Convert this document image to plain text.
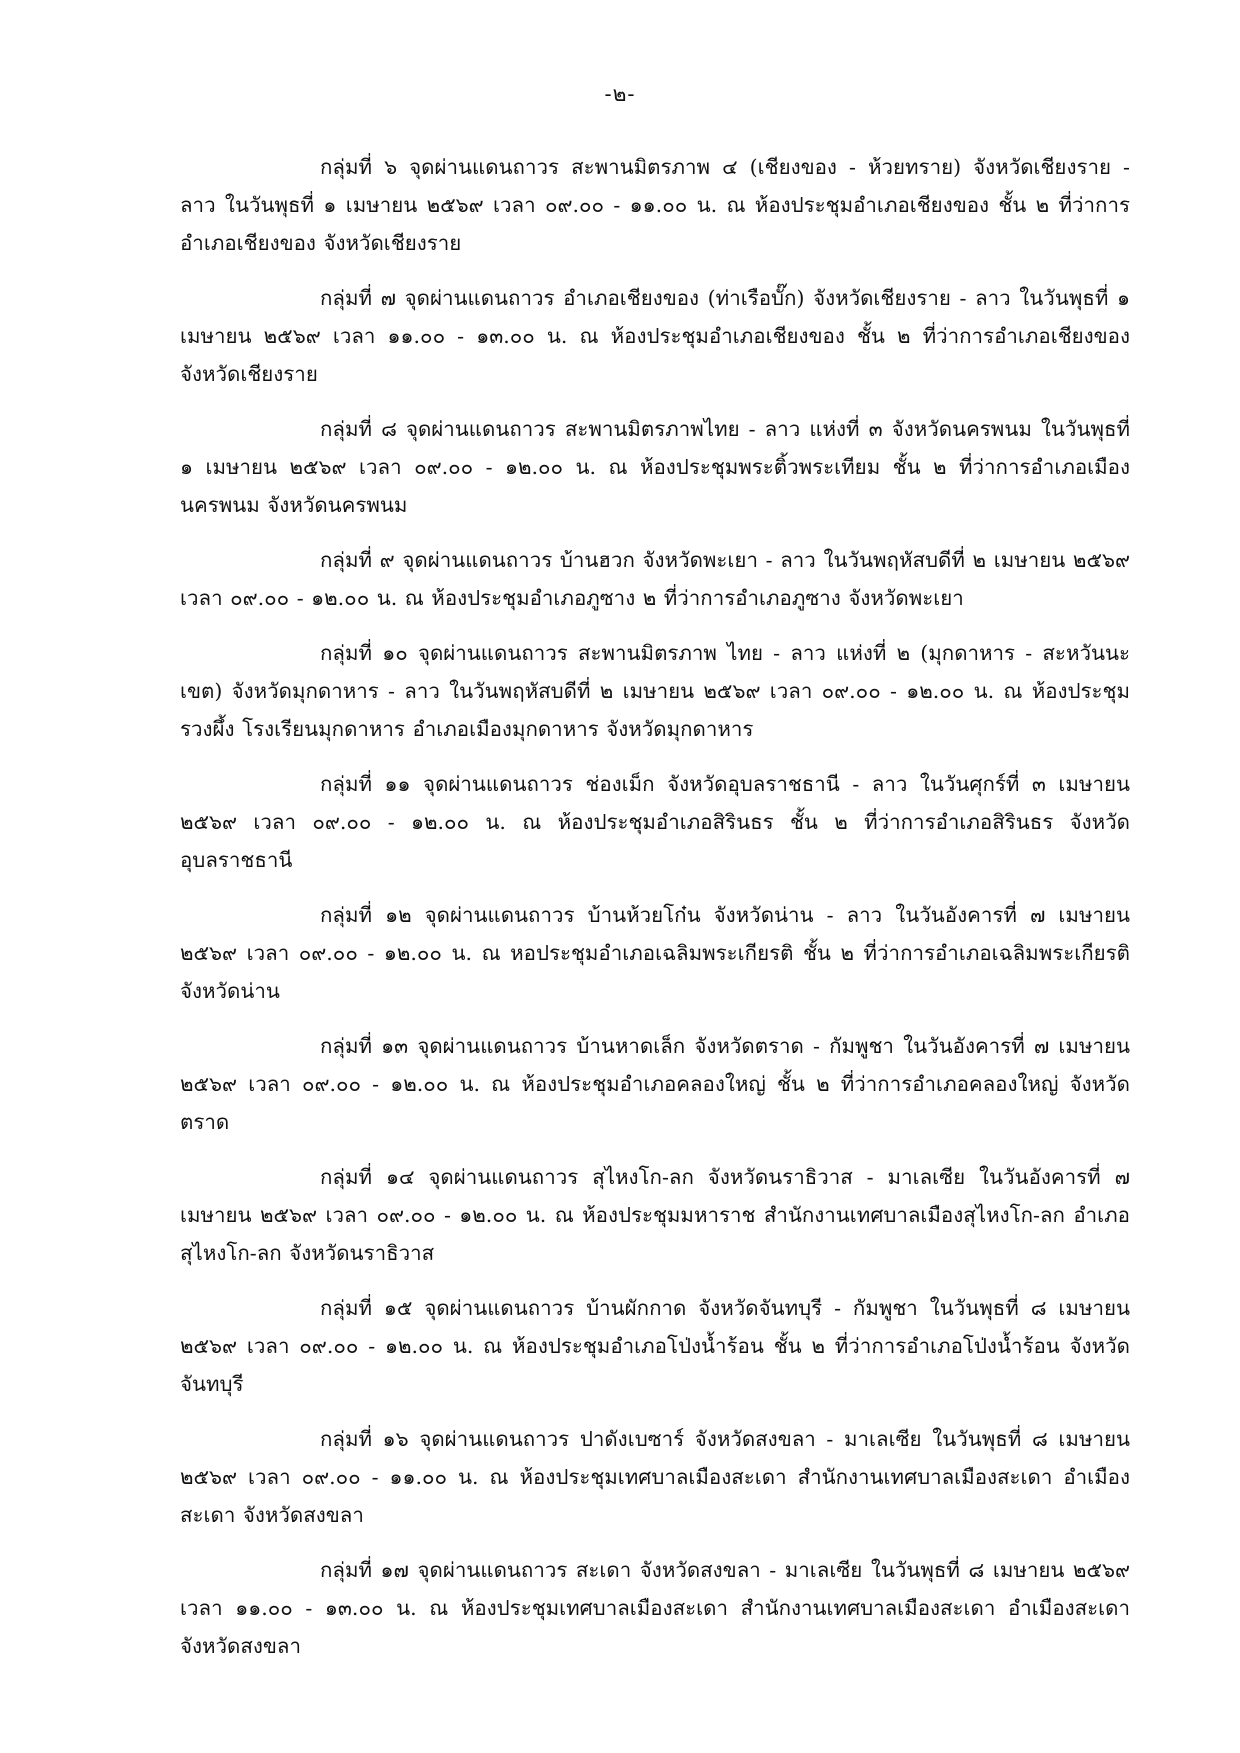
-๒-

กลุ่มที่ ๖ จุดผ่านแดนถาวร สะพานมิตรภาพ ๔ (เชียงของ - ห้วยทราย) จังหวัดเชียงราย - ลาว ในวันพุธที่ ๑ เมษายน ๒๕๖๙ เวลา ๐๙.๐๐ - ๑๑.๐๐ น. ณ ห้องประชุมอำเภอเชียงของ ชั้น ๒ ที่ว่าการอำเภอเชียงของ จังหวัดเชียงราย

กลุ่มที่ ๗ จุดผ่านแดนถาวร อำเภอเชียงของ (ท่าเรือบั๊ก) จังหวัดเชียงราย - ลาว ในวันพุธที่ ๑ เมษายน ๒๕๖๙ เวลา ๑๑.๐๐ - ๑๓.๐๐ น. ณ ห้องประชุมอำเภอเชียงของ ชั้น ๒ ที่ว่าการอำเภอเชียงของ จังหวัดเชียงราย

กลุ่มที่ ๘ จุดผ่านแดนถาวร สะพานมิตรภาพไทย - ลาว แห่งที่ ๓ จังหวัดนครพนม ในวันพุธที่ ๑ เมษายน ๒๕๖๙ เวลา ๐๙.๐๐ - ๑๒.๐๐ น. ณ ห้องประชุมพระติ้วพระเทียม ชั้น ๒ ที่ว่าการอำเภอเมืองนครพนม จังหวัดนครพนม

กลุ่มที่ ๙ จุดผ่านแดนถาวร บ้านฮวก จังหวัดพะเยา - ลาว ในวันพฤหัสบดีที่ ๒ เมษายน ๒๕๖๙ เวลา ๐๙.๐๐ - ๑๒.๐๐ น. ณ ห้องประชุมอำเภอภูซาง ๒ ที่ว่าการอำเภอภูซาง จังหวัดพะเยา

กลุ่มที่ ๑๐ จุดผ่านแดนถาวร สะพานมิตรภาพ ไทย - ลาว แห่งที่ ๒ (มุกดาหาร - สะหวันนะเขต) จังหวัดมุกดาหาร - ลาว ในวันพฤหัสบดีที่ ๒ เมษายน ๒๕๖๙ เวลา ๐๙.๐๐ - ๑๒.๐๐ น. ณ ห้องประชุมรวงผึ้ง โรงเรียนมุกดาหาร อำเภอเมืองมุกดาหาร จังหวัดมุกดาหาร

กลุ่มที่ ๑๑ จุดผ่านแดนถาวร ช่องเม็ก จังหวัดอุบลราชธานี - ลาว ในวันศุกร์ที่ ๓ เมษายน ๒๕๖๙ เวลา ๐๙.๐๐ - ๑๒.๐๐ น. ณ ห้องประชุมอำเภอสิรินธร ชั้น ๒ ที่ว่าการอำเภอสิรินธร จังหวัดอุบลราชธานี

กลุ่มที่ ๑๒ จุดผ่านแดนถาวร บ้านห้วยโก๋น จังหวัดน่าน - ลาว ในวันอังคารที่ ๗ เมษายน ๒๕๖๙ เวลา ๐๙.๐๐ - ๑๒.๐๐ น. ณ หอประชุมอำเภอเฉลิมพระเกียรติ ชั้น ๒ ที่ว่าการอำเภอเฉลิมพระเกียรติ จังหวัดน่าน

กลุ่มที่ ๑๓ จุดผ่านแดนถาวร บ้านหาดเล็ก จังหวัดตราด - กัมพูชา ในวันอังคารที่ ๗ เมษายน ๒๕๖๙ เวลา ๐๙.๐๐ - ๑๒.๐๐ น. ณ ห้องประชุมอำเภอคลองใหญ่ ชั้น ๒ ที่ว่าการอำเภอคลองใหญ่ จังหวัดตราด

กลุ่มที่ ๑๔ จุดผ่านแดนถาวร สุไหงโก-ลก จังหวัดนราธิวาส - มาเลเซีย ในวันอังคารที่ ๗ เมษายน ๒๕๖๙ เวลา ๐๙.๐๐ - ๑๒.๐๐ น. ณ ห้องประชุมมหาราช สำนักงานเทศบาลเมืองสุไหงโก-ลก อำเภอสุไหงโก-ลก จังหวัดนราธิวาส

กลุ่มที่ ๑๕ จุดผ่านแดนถาวร บ้านผักกาด จังหวัดจันทบุรี - กัมพูชา ในวันพุธที่ ๘ เมษายน ๒๕๖๙ เวลา ๐๙.๐๐ - ๑๒.๐๐ น. ณ ห้องประชุมอำเภอโป่งน้ำร้อน ชั้น ๒ ที่ว่าการอำเภอโป่งน้ำร้อน จังหวัดจันทบุรี

กลุ่มที่ ๑๖ จุดผ่านแดนถาวร ปาดังเบซาร์ จังหวัดสงขลา - มาเลเซีย ในวันพุธที่ ๘ เมษายน ๒๕๖๙ เวลา ๐๙.๐๐ - ๑๑.๐๐ น. ณ ห้องประชุมเทศบาลเมืองสะเดา สำนักงานเทศบาลเมืองสะเดา อำเมืองสะเดา จังหวัดสงขลา

กลุ่มที่ ๑๗ จุดผ่านแดนถาวร สะเดา จังหวัดสงขลา - มาเลเซีย ในวันพุธที่ ๘ เมษายน ๒๕๖๙ เวลา ๑๑.๐๐ - ๑๓.๐๐ น. ณ ห้องประชุมเทศบาลเมืองสะเดา สำนักงานเทศบาลเมืองสะเดา อำเมืองสะเดา จังหวัดสงขลา
